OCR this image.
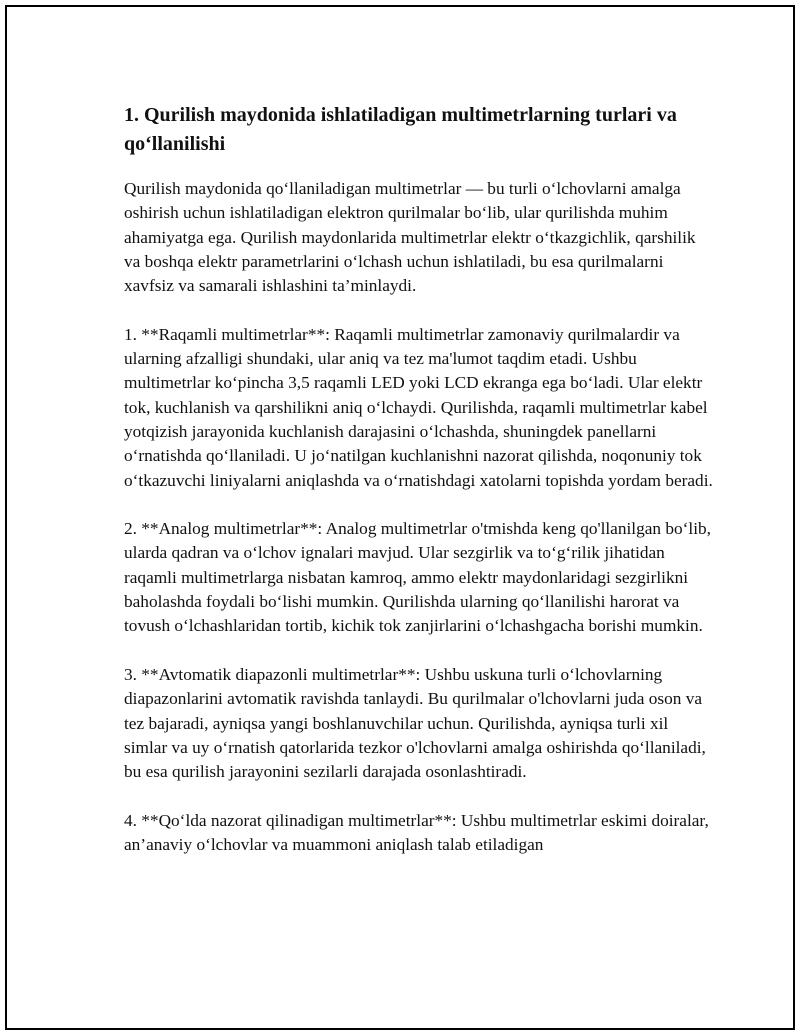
1. Qurilish maydonida ishlatiladigan multimetrlarning turlari va qo‘llanilishi

Qurilish maydonida qo‘llaniladigan multimetrlar — bu turli o‘lchovlarni amalga oshirish uchun ishlatiladigan elektron qurilmalar bo‘lib, ular qurilishda muhim ahamiyatga ega. Qurilish maydonlarida multimetrlar elektr o‘tkazgichlik, qarshilik va boshqa elektr parametrlarini o‘lchash uchun ishlatiladi, bu esa qurilmalarni xavfsiz va samarali ishlashini ta’minlaydi.

1. **Raqamli multimetrlar**: Raqamli multimetrlar zamonaviy qurilmalardir va ularning afzalligi shundaki, ular aniq va tez ma'lumot taqdim etadi. Ushbu multimetrlar ko‘pincha 3,5 raqamli LED yoki LCD ekranga ega bo‘ladi. Ular elektr tok, kuchlanish va qarshilikni aniq o‘lchaydi. Qurilishda, raqamli multimetrlar kabel yotqizish jarayonida kuchlanish darajasini o‘lchashda, shuningdek panellarni o‘rnatishda qo‘llaniladi. U jo‘natilgan kuchlanishni nazorat qilishda, noqonuniy tok o‘tkazuvchi liniyalarni aniqlashda va o‘rnatishdagi xatolarni topishda yordam beradi.

2. **Analog multimetrlar**: Analog multimetrlar o'tmishda keng qo'llanilgan bo‘lib, ularda qadran va o‘lchov ignalari mavjud. Ular sezgirlik va to‘g‘rilik jihatidan raqamli multimetrlarga nisbatan kamroq, ammo elektr maydonlaridagi sezgirlikni baholashda foydali bo‘lishi mumkin. Qurilishda ularning qo‘llanilishi harorat va tovush o‘lchashlaridan tortib, kichik tok zanjirlarini o‘lchashgacha borishi mumkin.

3. **Avtomatik diapazonli multimetrlar**: Ushbu uskuna turli o‘lchovlarning diapazonlarini avtomatik ravishda tanlaydi. Bu qurilmalar o'lchovlarni juda oson va tez bajaradi, ayniqsa yangi boshlanuvchilar uchun. Qurilishda, ayniqsa turli xil simlar va uy o‘rnatish qatorlarida tezkor o'lchovlarni amalga oshirishda qo‘llaniladi, bu esa qurilish jarayonini sezilarli darajada osonlashtiradi.

4. **Qo‘lda nazorat qilinadigan multimetrlar**: Ushbu multimetrlar eskimi doiralar, an’anaviy o‘lchovlar va muammoni aniqlash talab etiladigan
